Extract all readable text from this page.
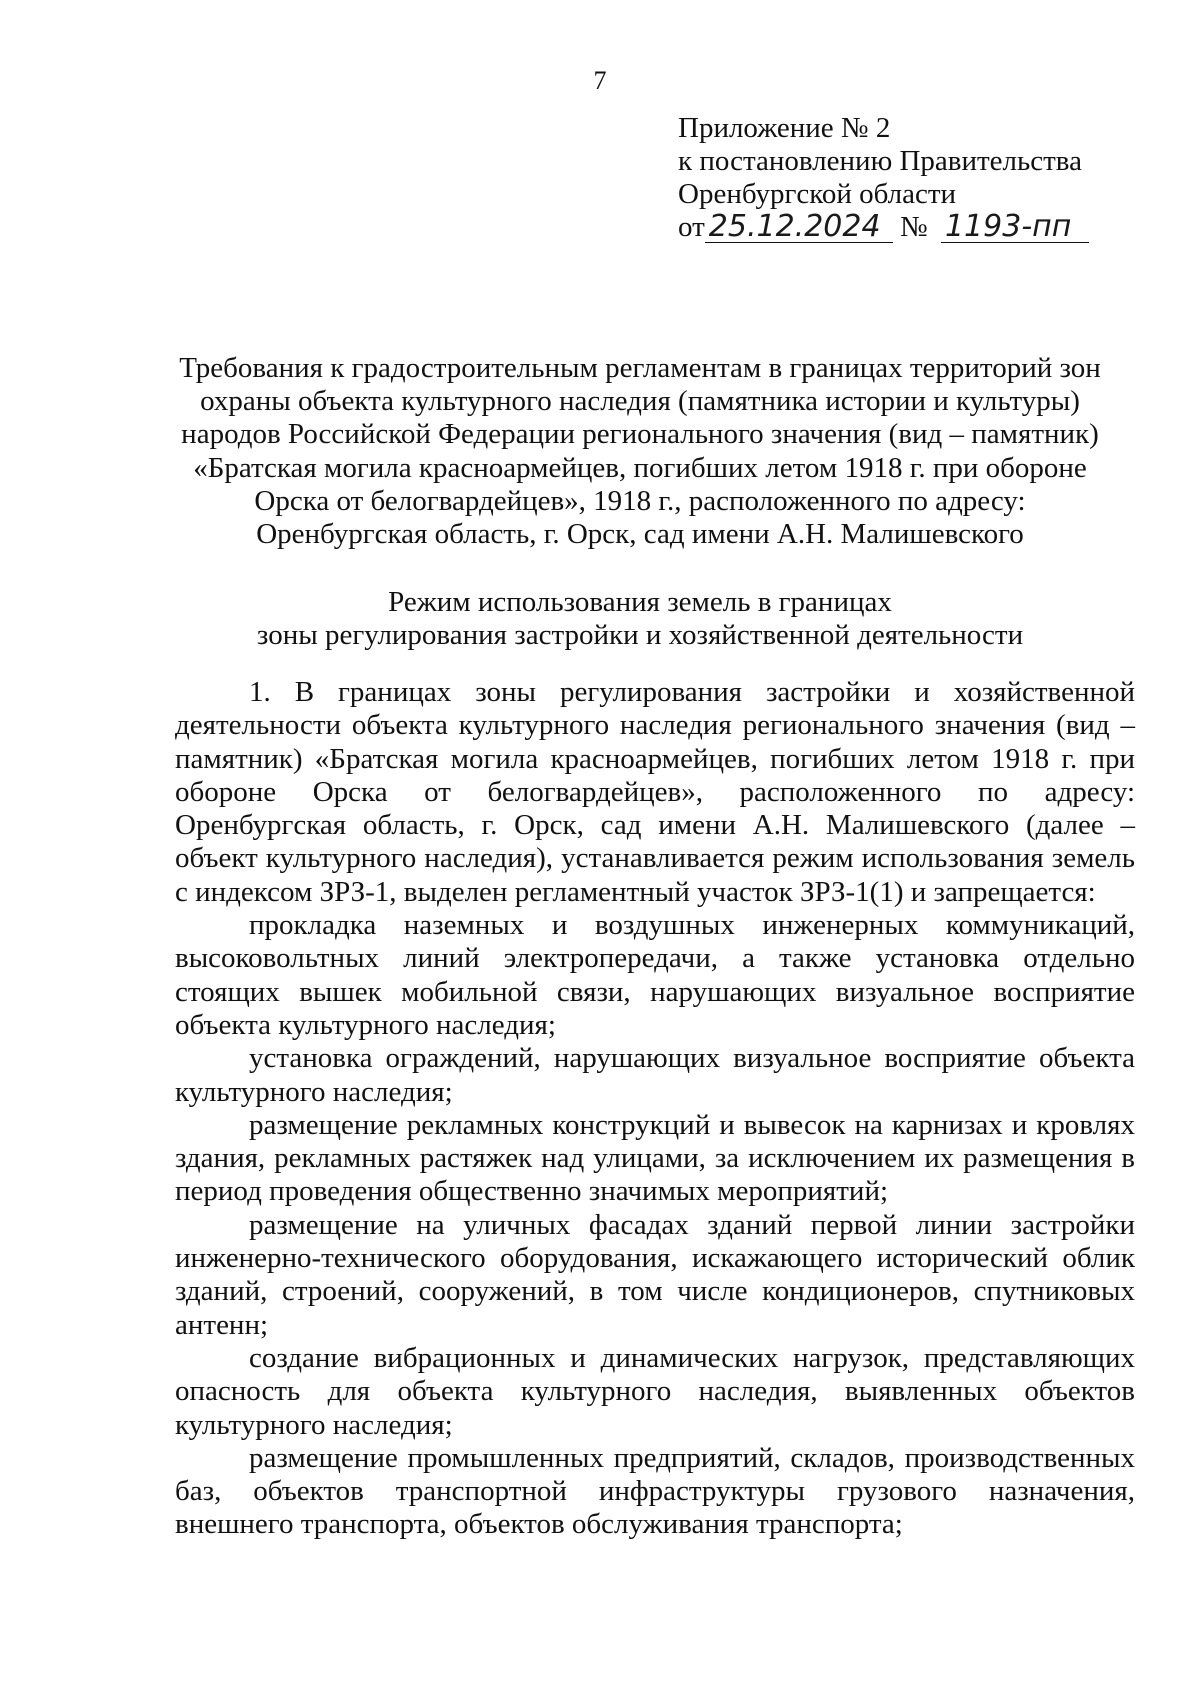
7
Приложение № 2
к постановлению Правительства
Оренбургской области
от 25.12.2024 № 1193-пп
Требования к градостроительным регламентам в границах территорий зон
охраны объекта культурного наследия (памятника истории и культуры)
народов Российской Федерации регионального значения (вид – памятник)
«Братская могила красноармейцев, погибших летом 1918 г. при обороне
Орска от белогвардейцев», 1918 г., расположенного по адресу:
Оренбургская область, г. Орск, сад имени А.Н. Малишевского
Режим использования земель в границах
зоны регулирования застройки и хозяйственной деятельности

1. В границах зоны регулирования застройки и хозяйственной деятельности объекта культурного наследия регионального значения (вид – памятник) «Братская могила красноармейцев, погибших летом 1918 г. при обороне Орска от белогвардейцев», расположенного по адресу: Оренбургская область, г. Орск, сад имени А.Н. Малишевского (далее – объект культурного наследия), устанавливается режим использования земель с индексом ЗРЗ-1, выделен регламентный участок ЗРЗ-1(1) и запрещается:

прокладка наземных и воздушных инженерных коммуникаций, высоковольтных линий электропередачи, а также установка отдельно стоящих вышек мобильной связи, нарушающих визуальное восприятие объекта культурного наследия;

установка ограждений, нарушающих визуальное восприятие объекта культурного наследия;

размещение рекламных конструкций и вывесок на карнизах и кровлях здания, рекламных растяжек над улицами, за исключением их размещения в период проведения общественно значимых мероприятий;

размещение на уличных фасадах зданий первой линии застройки инженерно-технического оборудования, искажающего исторический облик зданий, строений, сооружений, в том числе кондиционеров, спутниковых антенн;

создание вибрационных и динамических нагрузок, представляющих опасность для объекта культурного наследия, выявленных объектов культурного наследия;

размещение промышленных предприятий, складов, производственных баз, объектов транспортной инфраструктуры грузового назначения, внешнего транспорта, объектов обслуживания транспорта;
